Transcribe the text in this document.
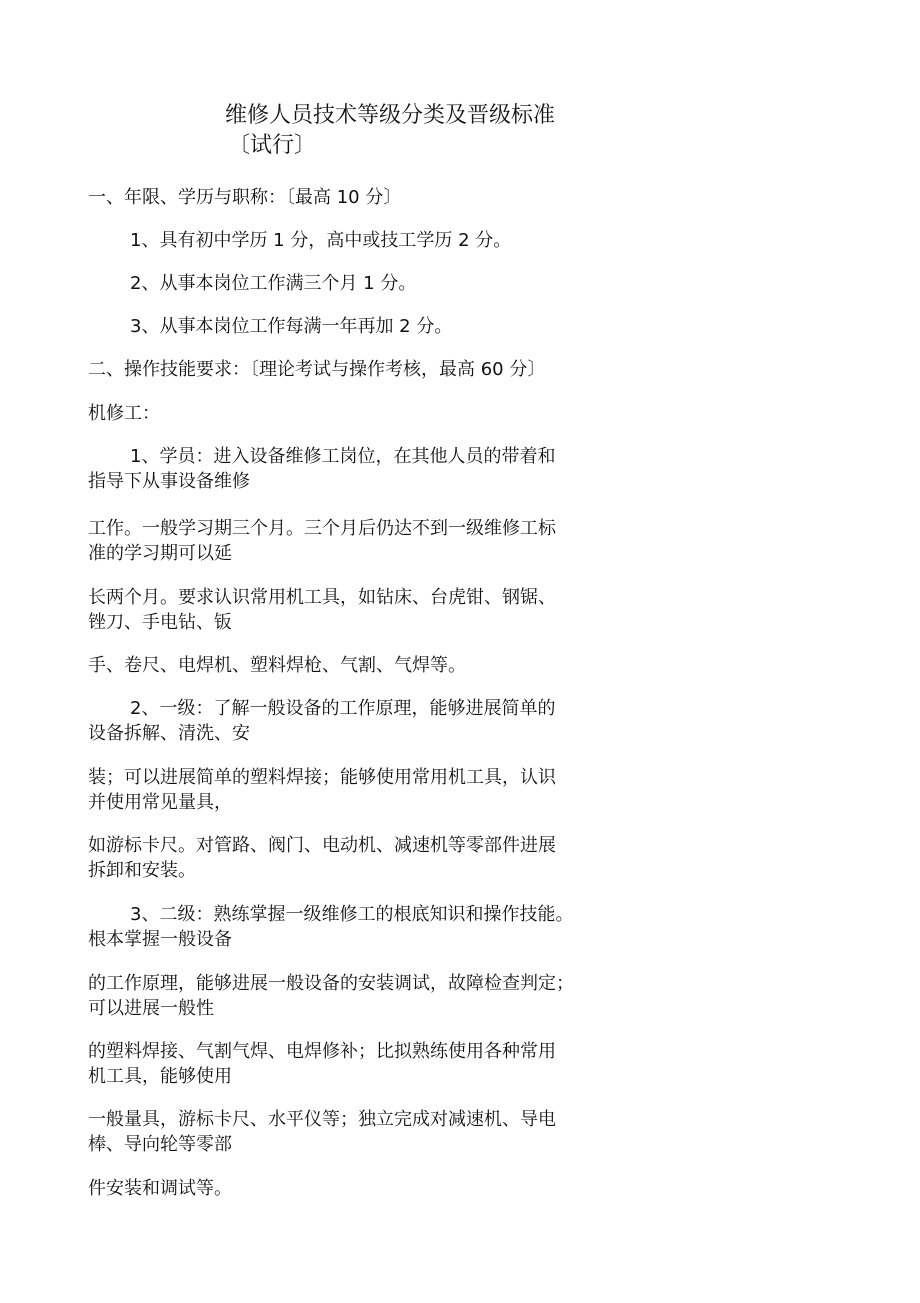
维修人员技术等级分类及晋级标准
〔试行〕
一、年限、学历与职称：〔最高 10 分〕
1、具有初中学历 1 分，高中或技工学历 2 分。
2、从事本岗位工作满三个月 1 分。
3、从事本岗位工作每满一年再加 2 分。
二、操作技能要求：〔理论考试与操作考核，最高 60 分〕
机修工：
1、学员：进入设备维修工岗位，在其他人员的带着和
指导下从事设备维修
工作。一般学习期三个月。三个月后仍达不到一级维修工标
准的学习期可以延
长两个月。要求认识常用机工具，如钻床、台虎钳、钢锯、
锉刀、手电钻、钣
手、卷尺、电焊机、塑料焊枪、气割、气焊等。
2、一级：了解一般设备的工作原理，能够进展简单的
设备拆解、清洗、安
装；可以进展简单的塑料焊接；能够使用常用机工具，认识
并使用常见量具，
如游标卡尺。对管路、阀门、电动机、减速机等零部件进展
拆卸和安装。
3、二级：熟练掌握一级维修工的根底知识和操作技能。
根本掌握一般设备
的工作原理，能够进展一般设备的安装调试，故障检查判定；
可以进展一般性
的塑料焊接、气割气焊、电焊修补；比拟熟练使用各种常用
机工具，能够使用
一般量具，游标卡尺、水平仪等；独立完成对减速机、导电
棒、导向轮等零部
件安装和调试等。
